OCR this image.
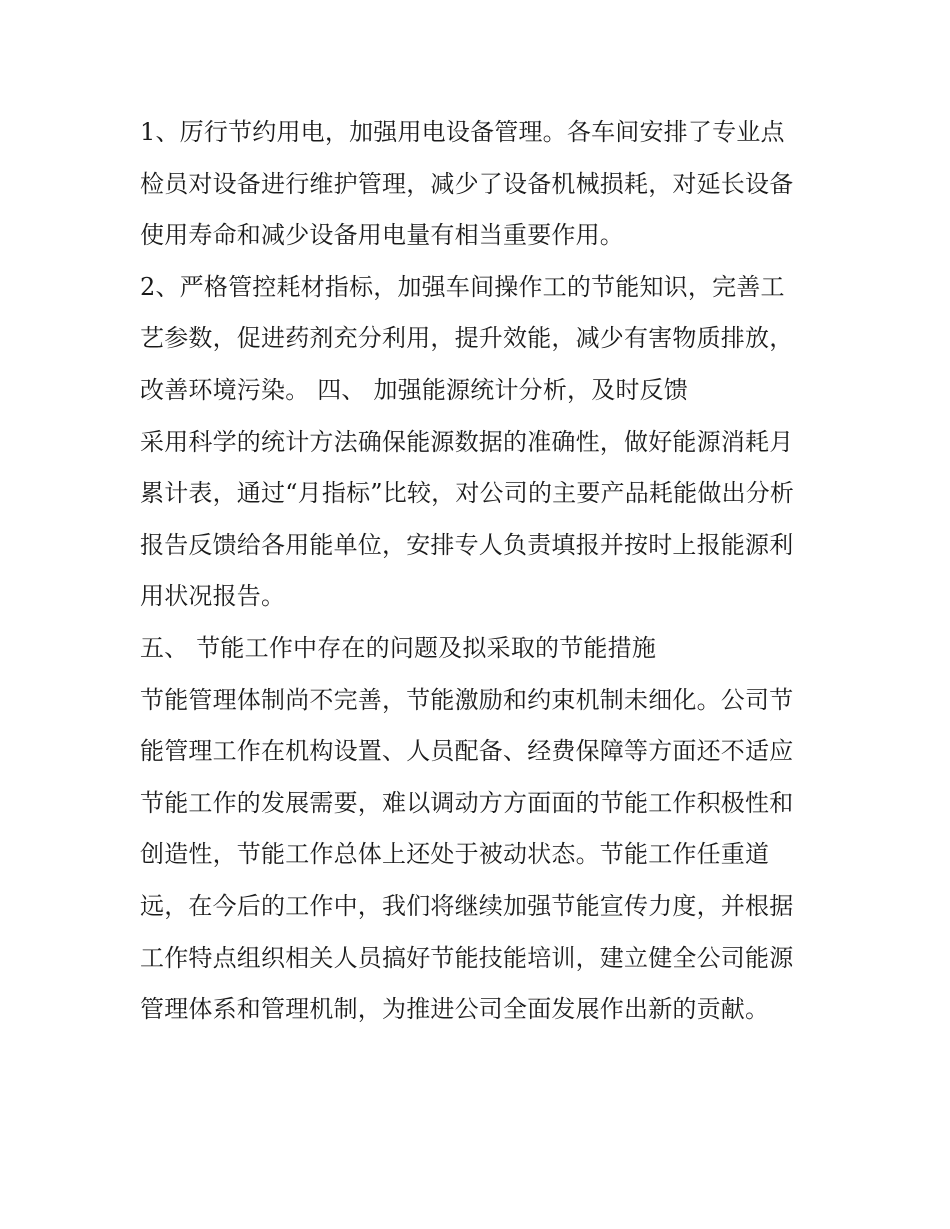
1、厉行节约用电，加强用电设备管理。各车间安排了专业点
检员对设备进行维护管理，减少了设备机械损耗，对延长设备
使用寿命和减少设备用电量有相当重要作用。
2、严格管控耗材指标，加强车间操作工的节能知识，完善工
艺参数，促进药剂充分利用，提升效能，减少有害物质排放，
改善环境污染。 四、 加强能源统计分析，及时反馈
采用科学的统计方法确保能源数据的准确性，做好能源消耗月
累计表，通过“月指标”比较，对公司的主要产品耗能做出分析
报告反馈给各用能单位，安排专人负责填报并按时上报能源利
用状况报告。
五、 节能工作中存在的问题及拟采取的节能措施
节能管理体制尚不完善，节能激励和约束机制未细化。公司节
能管理工作在机构设置、人员配备、经费保障等方面还不适应
节能工作的发展需要，难以调动方方面面的节能工作积极性和
创造性，节能工作总体上还处于被动状态。节能工作任重道
远，在今后的工作中，我们将继续加强节能宣传力度，并根据
工作特点组织相关人员搞好节能技能培训，建立健全公司能源
管理体系和管理机制，为推进公司全面发展作出新的贡献。
